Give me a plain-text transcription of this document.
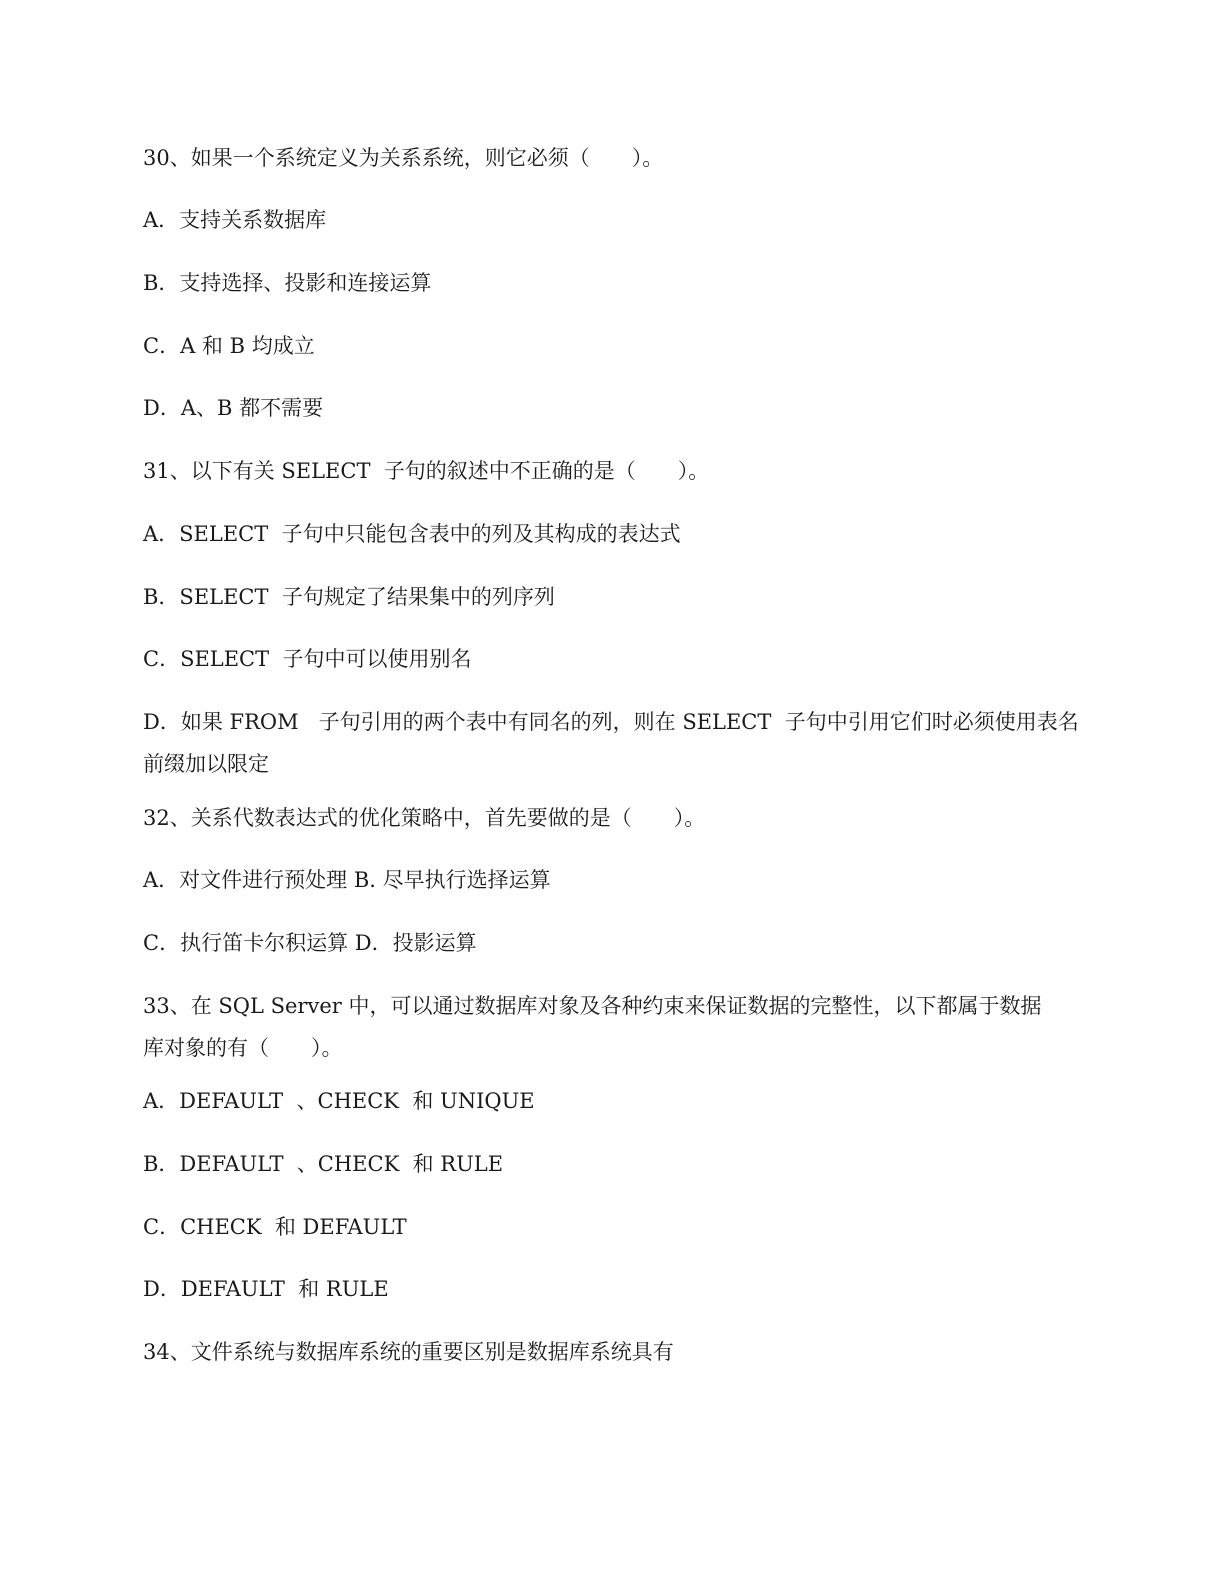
30、如果一个系统定义为关系系统，则它必须（　　）。
A．支持关系数据库
B．支持选择、投影和连接运算
C．A 和 B 均成立
D．A、B 都不需要
31、以下有关 SELECT  子句的叙述中不正确的是（　　）。
A．SELECT  子句中只能包含表中的列及其构成的表达式
B．SELECT  子句规定了结果集中的列序列
C．SELECT  子句中可以使用别名
D．如果 FROM   子句引用的两个表中有同名的列，则在 SELECT  子句中引用它们时必须使用表名
前缀加以限定
32、关系代数表达式的优化策略中，首先要做的是（　　）。
A．对文件进行预处理 B. 尽早执行选择运算
C．执行笛卡尔积运算 D．投影运算
33、在 SQL Server 中，可以通过数据库对象及各种约束来保证数据的完整性，以下都属于数据
库对象的有（　　）。
A．DEFAULT  、CHECK  和 UNIQUE
B．DEFAULT  、CHECK  和 RULE
C．CHECK  和 DEFAULT
D．DEFAULT  和 RULE
34、文件系统与数据库系统的重要区别是数据库系统具有
